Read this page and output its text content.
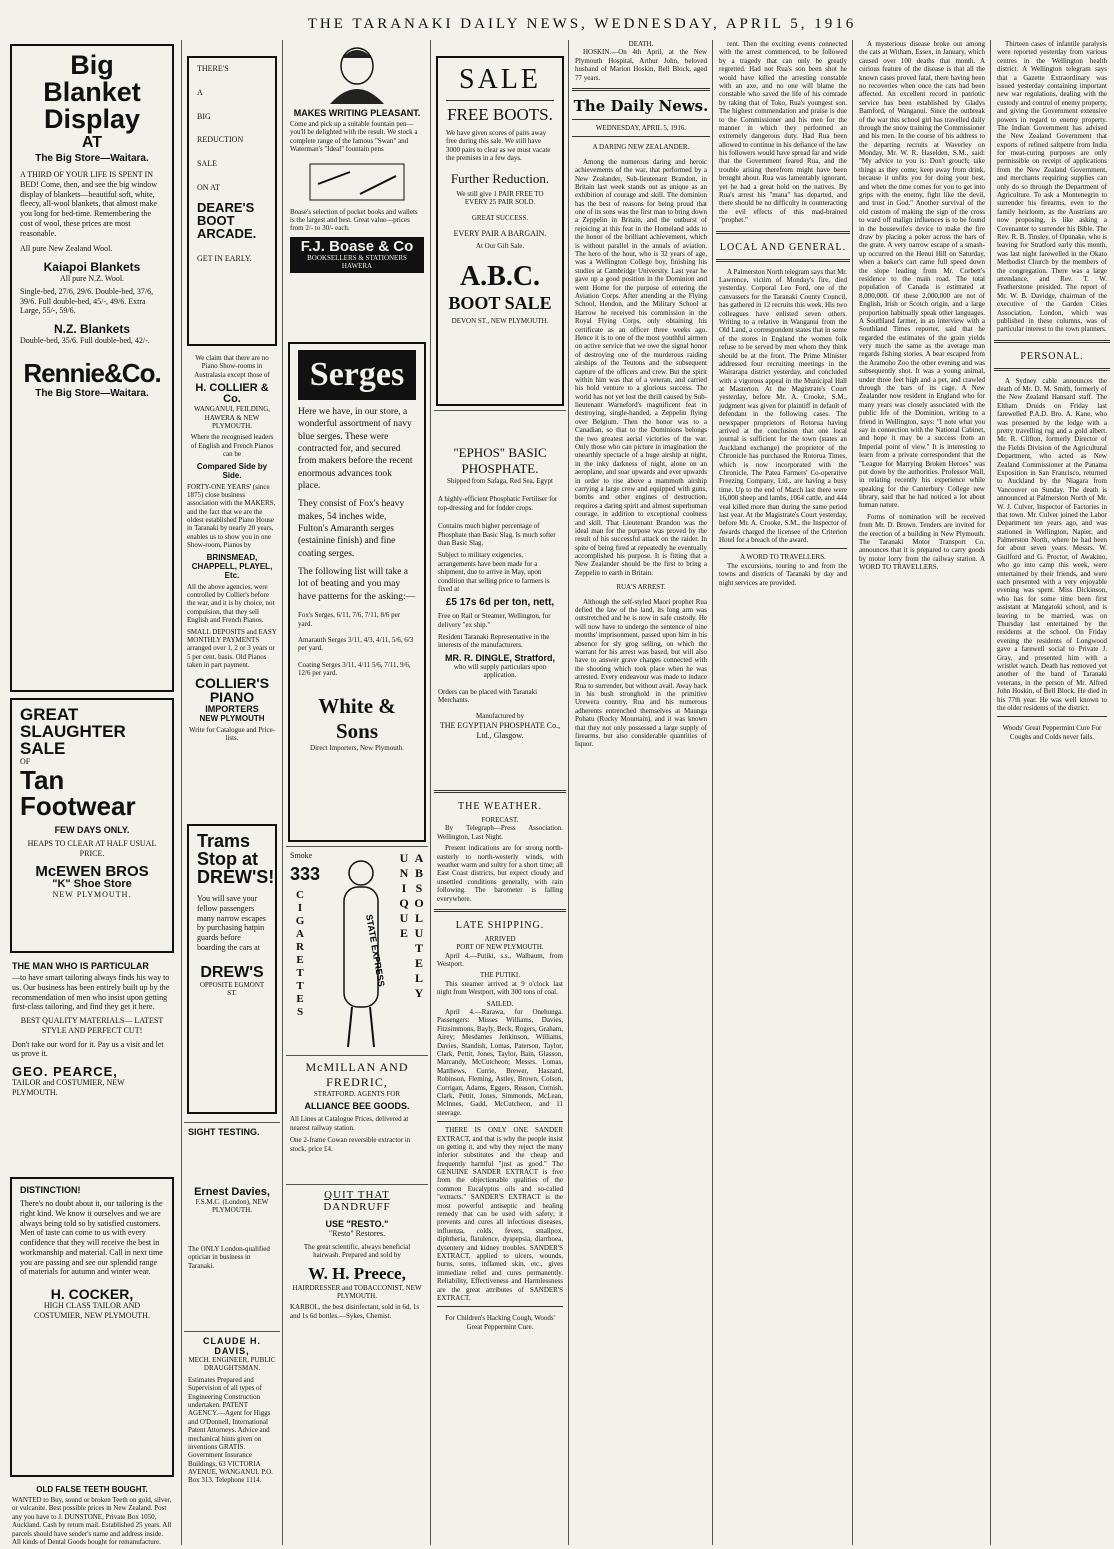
THE TARANAKI DAILY NEWS, WEDNESDAY, APRIL 5, 1916
Big
Blanket
Display
AT
The Big Store—Waitara.
A THIRD OF YOUR LIFE IS SPENT IN BED! Come, then, and see the big window display of blankets—beautiful soft, white, fleecy, all-wool blankets, that almost make you long for bed-time. Remembering the cost of wool, these prices are most reasonable.
All pure New Zealand Wool.
Kaiapoi Blankets
All pure N.Z. Wool.
Single-bed, 27/6, 29/6. Double-bed, 37/6, 39/6. Full double-bed, 45/-, 49/6. Extra Large, 55/-, 59/6.
N.Z. Blankets
Double-bed, 35/6. Full double-bed, 42/-.
Rennie&Co.
The Big Store—Waitara.
GREAT
SLAUGHTER
SALE
OF
Tan
Footwear
FEW DAYS ONLY.
HEAPS TO CLEAR AT HALF USUAL PRICE.
McEWEN BROS
"K" Shoe Store
NEW PLYMOUTH.
THE MAN WHO IS PARTICULAR
—to have smart tailoring always finds his way to us. Our business has been entirely built up by the recommendation of men who insist upon getting first-class tailoring, and find they get it here.
BEST QUALITY MATERIALS— LATEST STYLE AND PERFECT CUT!
Don't take our word for it. Pay us a visit and let us prove it.
GEO. PEARCE,
TAILOR and COSTUMIER, NEW PLYMOUTH.
DISTINCTION!
There's no doubt about it, our tailoring is the right kind. We know it ourselves and we are always being told so by satisfied customers. Men of taste can come to us with every confidence that they will receive the best in workmanship and material. Call in next time you are passing and see our splendid range of materials for autumn and winter wear.
H. COCKER,
HIGH CLASS TAILOR AND COSTUMIER, NEW PLYMOUTH.
OLD FALSE TEETH BOUGHT.
WANTED to Buy, sound or broken Teeth on gold, silver, or vulcanite. Best possible prices in New Zealand. Post any you have to J. DUNSTONE, Private Box 1050, Auckland. Cash by return mail. Established 25 years. All parcels should have sender's name and address inside. All kinds of Dental Goods bought for remanufacture.
THERE'S
A
BIG
REDUCTION
SALE
ON AT
DEARE'S
BOOT
ARCADE.
GET IN EARLY.
We claim that there are no Piano Show-rooms in Australasia except those of
H. COLLIER & Co.
WANGANUI, FEILDING, HAWERA & NEW PLYMOUTH.
Where the recognised leaders of English and French Pianos can be
Compared Side by Side.
FORTY-ONE YEARS' (since 1875) close business association with the MAKERS, and the fact that we are the oldest established Piano House in Taranaki by nearly 20 years, enables us to show you in one Show-room, Pianos by
BRINSMEAD, CHAPPELL, PLAYEL, Etc.
All the above agencies, were controlled by Collier's before the war, and it is by choice, not compulsion, that they sell English and French Pianos.
SMALL DEPOSITS and EASY MONTHLY PAYMENTS arranged over 1, 2 or 3 years or 5 per cent. basis. Old Pianos taken in part payment.
COLLIER'S
PIANO
IMPORTERS
NEW PLYMOUTH
Write for Catalogue and Price-lists.
Trams
Stop at
DREW'S!
You will save your fellow passengers many narrow escapes by purchasing hatpin guards before boarding the cars at
DREW'S
OPPOSITE EGMONT ST.
SIGHT TESTING.
Ernest Davies,
F.S.M.C. (London), NEW PLYMOUTH.
The ONLY London-qualified optician in business in Taranaki.
CLAUDE H. DAVIS,
MECH. ENGINEER, PUBLIC DRAUGHTSMAN.
Estimates Prepared and Supervision of all types of Engineering Construction undertaken. PATENT AGENCY.—Agent for Higgs and O'Donnell, International Patent Attorneys. Advice and mechanical hints given on inventions GRATIS. Government Insurance Buildings, 63 VICTORIA AVENUE, WANGANUI. P.O. Box 313. Telephone 1114.
MAKES WRITING PLEASANT.
Come and pick up a suitable fountain pen—you'll be delighted with the result. We stock a complete range of the famous "Swan" and Waterman's "Ideal" fountain pens
Boase's selection of pocket books and wallets is the largest and best. Great value—prices from 2/- to 30/- each.
F.J. Boase & Co
BOOKSELLERS & STATIONERS
HAWERA
Serges
Here we have, in our store, a wonderful assortment of navy blue serges. These were contracted for, and secured from makers before the recent enormous advances took place.
They consist of Fox's heavy makes, 54 inches wide, Fulton's Amaranth serges (estainine finish) and fine coating serges.
The following list will take a lot of beating and you may have patterns for the asking:—
Fox's Serges, 6/11, 7/6, 7/11, 8/6 per yard.
Amaranth Serges 3/11, 4/3, 4/11, 5/6, 6/3 per yard.
Coating Serges 3/11, 4/11 5/6, 7/11, 9/6, 12/6 per yard.
White & Sons
Direct Importers, New Plymouth.
Smoke
333
CIGARETTES	STATE EXPRESS	ABSOLUTELY UNIQUE
McMILLAN AND FREDRIC,
STRATFORD. AGENTS FOR
ALLIANCE BEE GOODS.
All Lines at Catalogue Prices, delivered at nearest railway station.
One 2-frame Cowan reversible extractor in stock, price £4.
QUIT THAT
DANDRUFF
USE "RESTO."
"Resto" Restores.
The great scientific, always beneficial hairwash. Prepared and sold by
W. H. Preece,
HAIRDRESSER and TOBACCONIST, NEW PLYMOUTH.
KARBOL, the best disinfectant, sold in 6d, 1s and 1s 6d bottles.—Sykes, Chemist.
SALE
FREE BOOTS.
We have given scores of pairs away free during this sale. We still have 3000 pairs to clear as we must vacate the premises in a few days.
Further Reduction.
We still give 1 PAIR FREE TO EVERY 25 PAIR SOLD.
GREAT SUCCESS.
EVERY PAIR A BARGAIN.
At Our Gift Sale.
A.B.C.
BOOT SALE
DEVON ST., NEW PLYMOUTH.
"EPHOS" BASIC PHOSPHATE.
Shipped from Safaga, Red Sea, Egypt
A highly-efficient Phosphatic Fertiliser for top-dressing and for fodder crops.
Contains much higher percentage of Phosphate than Basic Slag. Is much softer than Basic Slag.
Subject to military exigencies, arrangements have been made for a shipment, due to arrive in May, upon condition that selling price to farmers is fixed at
£5 17s 6d per ton, nett,
Free on Rail or Steamer, Wellington, for delivery "ex ship."
Resident Taranaki Representative in the interests of the manufacturers.
MR. R. DINGLE, Stratford,
who will supply particulars upon application.
Orders can be placed with Taranaki Merchants.
Manufactured by
THE EGYPTIAN PHOSPHATE Co., Ltd., Glasgow.
THE WEATHER.
FORECAST.

By Telegraph—Press Association. Wellington, Last Night.

Present indications are for strong north-easterly to north-westerly winds, with weather warm and sultry for a short time; all East Coast districts, but expect cloudy and unsettled conditions generally, with rain following. The barometer is falling everywhere.

LATE SHIPPING.
ARRIVED
PORT OF NEW PLYMOUTH.

April 4.—Putiki, s.s., Walbaum, from Westport.

THE PUTIKI.

This steamer arrived at 9 o'clock last night from Westport, with 300 tons of coal.

SAILED.

April 4.—Rarawa, for Onehunga. Passengers: Misses Williams, Davies, Fitzsimmons, Bayly, Beck, Rogers, Graham, Airey; Mesdames Jenkinson, Williams, Davies, Standish, Lomas, Paterson, Taylor, Clark, Pettit, Jones, Taylor, Bain, Glasson, Marcandy, McCutcheon; Messrs. Lomas, Matthews, Currie, Brewer, Haszard, Robinson, Fleming, Astley, Brown, Colson, Corrigan, Adams, Eggers, Reason, Cornish, Clark, Pettit, Jones, Simmonds, McLean, McInnes, Gadd, McCutcheon, and 11 steerage.

THERE IS ONLY ONE SANDER EXTRACT, and that is why the people insist on getting it, and why they reject the many inferior substitutes and the cheap and frequently harmful "just as good." The GENUINE SANDER EXTRACT is free from the objectionable qualities of the common Eucalyptus oils and so-called "extracts." SANDER'S EXTRACT is the most powerful antiseptic and healing remedy that can be used with safety; it prevents and cures all infectious diseases, influenza, colds, fevers, smallpox, diphtheria, flatulence, dyspepsia, diarrhoea, dysentery and kidney troubles. SANDER'S EXTRACT, applied to ulcers, wounds, burns, sores, inflamed skin, etc., gives immediate relief and cures permanently. Reliability, Effectiveness and Harmlessness are the great attributes of SANDER'S EXTRACT.

For Children's Hacking Cough, Woods' Great Peppermint Cure.

DEATH.

HOSKIN.—On 4th April, at the New Plymouth Hospital, Arthur John, beloved husband of Marion Hoskin, Bell Block, aged 77 years.

The Daily News.
WEDNESDAY, APRIL 5, 1916.
A DARING NEW ZEALANDER.

Among the numerous daring and heroic achievements of the war, that performed by a New Zealander, Sub-lieutenant Brandon, in Britain last week stands out as unique as an exhibition of courage and skill. The dominion has the best of reasons for being proud that one of its sons was the first man to bring down a Zeppelin in Britain, and the outburst of rejoicing at this feat in the Homeland adds to the honor of the brilliant achievement, which is without parallel in the annals of aviation. The hero of the hour, who is 32 years of age, was a Wellington College boy, finishing his studies at Cambridge University. Last year he gave up a good position in the Dominion and went Home for the purpose of entering the Aviation Corps. After attending at the Flying School, Hendon, and the Military School at Harrow he received his commission in the Royal Flying Corps, only obtaining his certificate as an officer three weeks ago. Hence it is to one of the most youthful airmen on active service that we owe the signal honor of destroying one of the murderous raiding airships of the Teutons and the subsequent capture of the officers and crew. But the spirit within him was that of a veteran, and carried his bold venture to a glorious success. The world has not yet lost the thrill caused by Sub-lieutenant Warneford's magnificent feat in destroying, single-handed, a Zeppelin flying over Belgium. Then the honor was to a Canadian, so that to the Dominions belongs the two greatest aerial victories of the war. Only those who can picture in imagination the unearthly spectacle of a huge airship at night, in the inky darkness of night, alone on an aeroplane, and soar upwards and ever upwards in order to rise above a mammoth airship carrying a large crew and equipped with guns, bombs and other engines of destruction, requires a daring spirit and almost superhuman courage, in addition to exceptional coolness and skill. That Lieutenant Brandon was the ideal man for the purpose was proved by the result of his successful attack on the raider. In spite of being fired at repeatedly he eventually accomplished his purpose. It is fitting that a New Zealander should be the first to bring a Zeppelin to earth in Britain.

RUA'S ARREST.

Although the self-styled Maori prophet Rua defied the law of the land, its long arm was outstretched and he is now in safe custody. He will now have to undergo the sentence of nine months' imprisonment, passed upon him in his absence for sly grog selling, on which the warrant for his arrest was based, but will also have to answer grave charges connected with the shooting which took place when he was arrested. Every endeavour was made to induce Rua to surrender, but without avail. Away back in his bush stronghold in the primitive Urewera country, Rua and his numerous adherents entrenched themselves at Maunga Pohatu (Rocky Mountain), and it was known that they not only possessed a large supply of firearms, but also considerable quantities of liquor.

rent. Then the exciting events connected with the arrest commenced, to be followed by a tragedy that can only be greatly regretted. Had not Rua's son been shot he would have killed the arresting constable with an axe, and no one will blame the constable who saved the life of his comrade by taking that of Toko, Rua's youngest son. The highest commendation and praise is due to the Commissioner and his men for the manner in which they performed an extremely dangerous duty. Had Rua been allowed to continue in his defiance of the law his followers would have spread far and wide that the Government feared Rua, and the trouble arising therefrom might have been brought about. Rua was lamentably ignorant, yet he had a great hold on the natives. By Rua's arrest his "mana" has departed, and there should be no difficulty in counteracting the evil effects of this mad-brained "prophet."

LOCAL AND GENERAL.

A Palmerston North telegram says that Mr. Lawrence, victim of Monday's fire, died yesterday. Corporal Leo Ford, one of the canvassers for the Taranaki County Council, has gathered in 12 recruits this week. His two colleagues have enlisted seven others. Writing to a relative in Wanganui from the Old Land, a correspondent states that in some of the stores in England the women folk refuse to be served by men whom they think should be at the front. The Prime Minister addressed four recruiting meetings in the Wairarapa district yesterday, and concluded with a vigorous appeal in the Municipal Hall at Masterton. At the Magistrate's Court yesterday, before Mr. A. Crooke, S.M., judgment was given for plaintiff in default of defendant in the following cases. The newspaper proprietors of Rotorua having arrived at the conclusion that one local journal is sufficient for the town (states an Auckland exchange) the proprietor of the Chronicle has purchased the Rotorua Times, which is now incorporated with the Chronicle. The Patea Farmers' Co-operative Freezing Company, Ltd., are having a busy time. Up to the end of March last there were 16,000 sheep and lambs, 1064 cattle, and 444 veal killed more than during the same period last year. At the Magistrate's Court yesterday, before Mr. A. Crooke, S.M., the Inspector of Awards charged the licensee of the Criterion Hotel for a breach of the award.

A WORD TO TRAVELLERS.

The excursions, touring to and from the towns and districts of Taranaki by day and night services are provided.

A mysterious disease broke out among the cats at Witham, Essex, in January, which caused over 100 deaths that month. A curious feature of the disease is that all the known cases proved fatal, there having been no recoveries when once the cats had been affected. An excellent record in patriotic service has been established by Gladys Bamford, of Wanganui. Since the outbreak of the war this school girl has travelled daily through the snow training the Commissioner and his men. In the course of his address to the departing recruits at Waverley on Monday, Mr. W. R. Haselden, S.M., said: "My advice to you is: Don't grouch; take things as they come; keep away from drink, because it unfits you for doing your best, and when the time comes for you to get into grips with the enemy, fight like the devil, and trust in God." Another survival of the old custom of making the sign of the cross to ward off malign influences is to be found in the housewife's device to make the fire draw by placing a poker across the bars of the grate. A very narrow escape of a smash-up occurred on the Henui Hill on Saturday, when a baker's cart came full speed down the slope leading from Mr. Corbett's residence to the main road. The total population of Canada is estimated at 8,000,000. Of these 2,000,000 are not of English, Irish or Scotch origin, and a large proportion habitually speak other languages. A Southland farmer, in an interview with a Southland Times reporter, said that he regarded the estimates of the grain yields very much the same as the average man regards fishing stories. A bear escaped from the Aramoho Zoo the other evening and was subsequently shot. It was a young animal, under three feet high and a pet, and crawled through the bars of its cage. A New Zealander now resident in England who for many years was closely associated with the public life of the Dominion, writing to a friend in Wellington, says: "I note what you say in connection with the National Cabinet, and hope it may be a success from an Imperial point of view." It is interesting to learn from a private correspondent that the "League for Marrying Broken Heroes" was put down by the authorities. Professor Wall, in relating recently his experience while speaking for the Canterbury College new library, said that he had noticed a lot about human nature.

Forms of nomination will be received from Mr. D. Brown. Tenders are invited for the erection of a building in New Plymouth. The Taranaki Motor Transport Co. announces that it is prepared to carry goods by motor lorry from the railway station. A WORD TO TRAVELLERS.

Thirteen cases of infantile paralysis were reported yesterday from various centres in the Wellington health district. A Wellington telegram says that a Gazette Extraordinary was issued yesterday containing important new war regulations, dealing with the custody and control of enemy property, and giving the Government extensive powers in regard to enemy property. The Indian Government has advised the New Zealand Government that exports of refined saltpetre from India for meat-curing purposes are only permissible on receipt of applications from the New Zealand Government, and merchants requiring supplies can only do so through the Department of Agriculture. To ask a Montenegrin to surrender his firearms, even to the family heirloom, as the Austrians are now proposing, is like asking a Covenanter to surrender his Bible. The Rev. R. B. Tinsley, of Opunake, who is leaving for Stratford early this month, was last night farewelled in the Okato Methodist Church by the members of the congregation. There was a large attendance, and Rev. T. W. Featherstone presided. The report of Mr. W. B. Davidge, chairman of the executive of the Garden Cities Association, London, which was published in these columns, was of particular interest to the town planners.

PERSONAL.

A Sydney cable announces the death of Mr. D. M. Smith, formerly of the New Zealand Hansard staff. The Eltham Druids on Friday last farewelled P.A.D. Bro. A. Kane, who was presented by the lodge with a pretty travelling rug and a gold albert. Mr. R. Clifton, formerly Director of the Fields Division of the Agricultural Department, who acted as New Zealand Commissioner at the Panama Exposition in San Francisco, returned to Auckland by the Niagara from Vancouver on Sunday. The death is announced at Palmerston North of Mr. W. J. Culver, Inspector of Factories in that town. Mr. Culver joined the Labor Department ten years ago, and was stationed in Wellington, Napier, and Palmerston North, where he had been for about seven years. Messrs. W. Guilford and G. Proctor, of Awakino, who go into camp this week, were entertained by their friends, and were each presented with a very enjoyable evening was spent. Miss Dickinson, who has for some time been first assistant at Mangatoki school, and is leaving to be married, was on Thursday last entertained by the residents at the school. On Friday evening the residents of Longwood gave a farewell social to Private J. Gray, and presented him with a wristlet watch. Death has removed yet another of the band of Taranaki veterans, in the person of Mr. Alfred John Hoskin, of Bell Block. He died in his 77th year. He was well known to the older residents of the district.

Woods' Great Peppermint Cure For Coughs and Colds never fails.
